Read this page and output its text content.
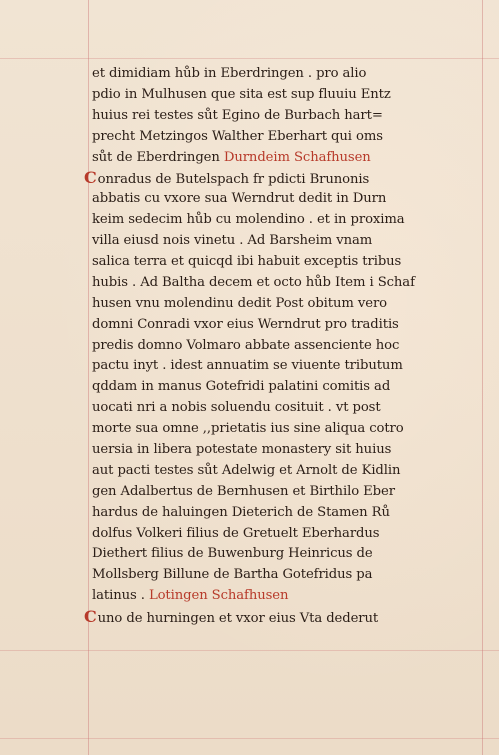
et dimidiam hůb in Eberdringen . pro alio
pdio in Mulhusen que sita est sup fluuiu Entz
huius rei testes sůt Egino de Burbach hart=
precht Metzingos Walther Eberhart qui oms
sůt de Eberdringen Durndeim Schafhusen
Conradus de Butelspach fr pdicti Brunonis
abbatis cu vxore sua Werndrut dedit in Durn
keim sedecim hůb cu molendino . et in proxima
villa eiusd nois vinetu . Ad Barsheim vnam
salica terra et quicqd ibi habuit exceptis tribus
hubis . Ad Baltha decem et octo hůb Item i Schaf
husen vnu molendinu dedit Post obitum vero
domni Conradi vxor eius Werndrut pro traditis
predis domno Volmaro abbate assenciente hoc
pactu inyt . idest annuatim se viuente tributum
qddam in manus Gotefridi palatini comitis ad
uocati nri a nobis soluendu cosituit . vt post
morte sua omne ,,prietatis ius sine aliqua cotro
uersia in libera potestate monastery sit huius
aut pacti testes sůt Adelwig et Arnolt de Kidlin
gen Adalbertus de Bernhusen et Birthilo Eber
hardus de haluingen Dieterich de Stamen Rů
dolfus Volkeri filius de Gretuelt Eberhardus
Diethert filius de Buwenburg Heinricus de
Mollsberg Billune de Bartha Gotefridus pa
latinus . Lotingen Schafhusen
Cuno de hurningen et vxor eius Vta dederut
